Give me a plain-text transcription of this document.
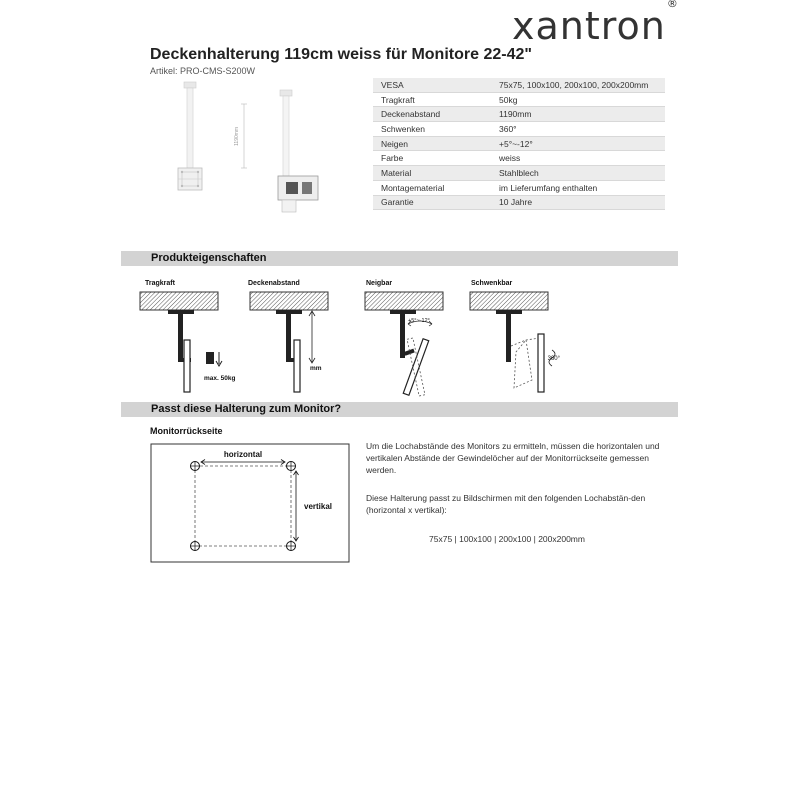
xantron®
Deckenhalterung 119cm weiss für Monitore 22-42"
Artikel: PRO-CMS-S200W
1190mm
VESA	75x75, 100x100, 200x100, 200x200mm
Tragkraft	50kg
Deckenabstand	1190mm
Schwenken	360°
Neigen	+5°~-12°
Farbe	weiss
Material	Stahlblech
Montagematerial	im Lieferumfang enthalten
Garantie	10 Jahre
Produkteigenschaften
Tragkraft	Deckenabstand	Neigbar	Schwenkbar
max. 50kg
mm
+5°~-12°
360°
Passt diese Halterung zum Monitor?
Monitorrückseite
horizontal
vertikal
Um die Lochabstände des Monitors zu ermitteln, müssen die horizontalen und vertikalen Abstände der Gewindelöcher auf der Monitorrückseite gemessen werden.
Diese Halterung passt zu Bildschirmen mit den folgenden Lochabstän-den (horizontal x vertikal):
75x75 | 100x100 | 200x100 | 200x200mm
